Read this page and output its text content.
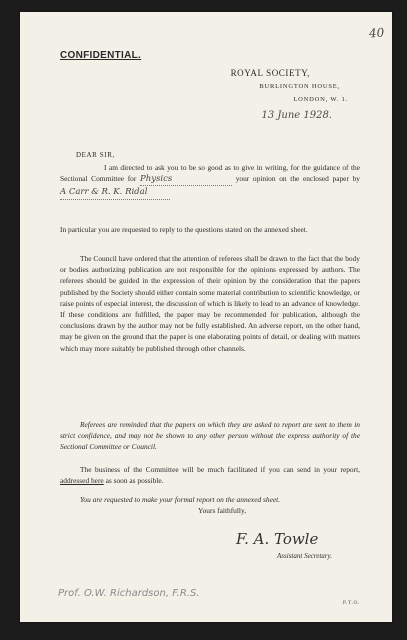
40
CONFIDENTIAL.
ROYAL SOCIETY,
BURLINGTON HOUSE,
LONDON, W. 1.
13 June 1928.
DEAR SIR,
I am directed to ask you to be so good as to give in writing, for the guidance of the Sectional Committee for Physics	your opinion on the enclosed paper by A Carr & R. K. Ridal
In particular you are requested to reply to the questions stated on the annexed sheet.
The Council have ordered that the attention of referees shall be drawn to the fact that the body or bodies authorizing publication are not responsible for the opinions expressed by authors. The referees should be guided in the expression of their opinion by the consideration that the papers published by the Society should either contain some material contribution to scientific knowledge, or raise points of especial interest, the discussion of which is likely to lead to an advance of knowledge. If these conditions are fulfilled, the paper may be recommended for publication, although the conclusions drawn by the author may not be fully established. An adverse report, on the other hand, may be given on the ground that the paper is one elaborating points of detail, or dealing with matters which may more suitably be published through other channels.
Referees are reminded that the papers on which they are asked to report are sent to them in strict confidence, and may not be shown to any other person without the express authority of the Sectional Committee or Council.
The business of the Committee will be much facilitated if you can send in your report, addressed here as soon as possible.
You are requested to make your formal report on the annexed sheet.
Yours faithfully,
F. A. Towle
Assistant Secretary.
Prof. O.W. Richardson, F.R.S.
P.T.O.
